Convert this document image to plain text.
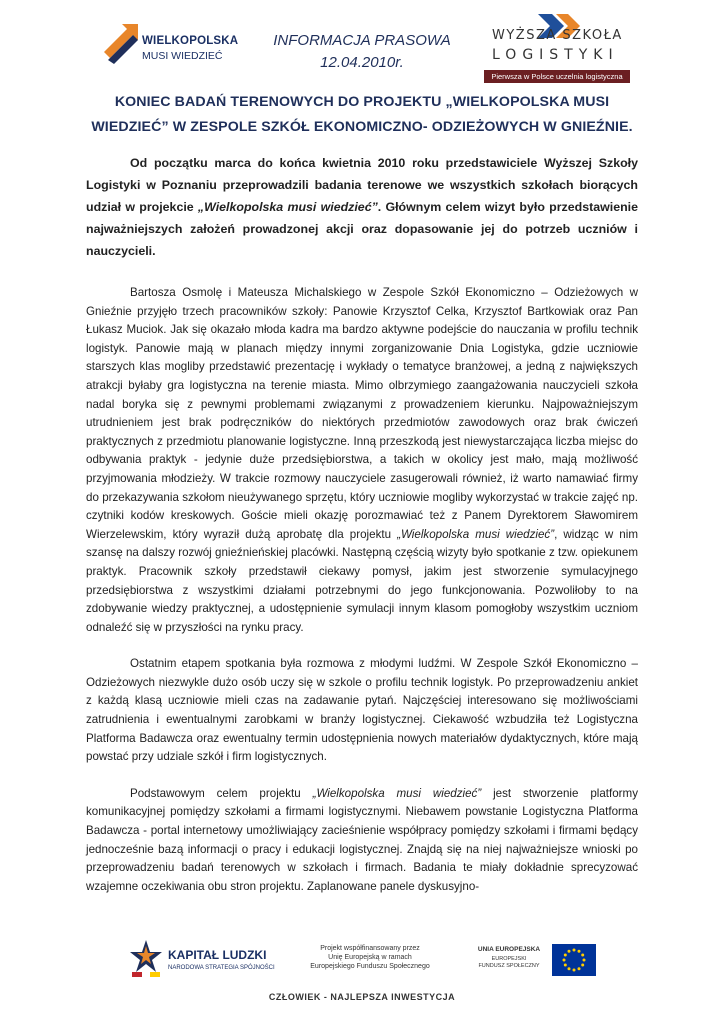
WIELKOPOLSKA
MUSI WIEDZIEĆ
INFORMACJA PRASOWA
12.04.2010r.
WYŻSZA SZKOŁA
LOGISTYKI
Pierwsza w Polsce uczelnia logistyczna
KONIEC BADAŃ TERENOWYCH DO PROJEKTU „WIELKOPOLSKA MUSI WIEDZIEĆ” W ZESPOLE SZKÓŁ EKONOMICZNO- ODZIEŻOWYCH W GNIEŹNIE.

Od początku marca do końca kwietnia 2010 roku przedstawiciele Wyższej Szkoły Logistyki w Poznaniu przeprowadzili badania terenowe we wszystkich szkołach biorących udział w projekcie „Wielkopolska musi wiedzieć”. Głównym celem wizyt było przedstawienie najważniejszych założeń prowadzonej akcji oraz dopasowanie jej do potrzeb uczniów i nauczycieli.

Bartosza Osmolę i Mateusza Michalskiego w Zespole Szkół Ekonomiczno – Odzieżowych w Gnieźnie przyjęło trzech pracowników szkoły: Panowie Krzysztof Celka, Krzysztof Bartkowiak oraz Pan Łukasz Muciok. Jak się okazało młoda kadra ma bardzo aktywne podejście do nauczania w profilu technik logistyk. Panowie mają w planach między innymi zorganizowanie Dnia Logistyka, gdzie uczniowie starszych klas mogliby przedstawić prezentację i wykłady o tematyce branżowej, a jedną z największych atrakcji byłaby gra logistyczna na terenie miasta. Mimo olbrzymiego zaangażowania nauczycieli szkoła nadal boryka się z pewnymi problemami związanymi z prowadzeniem kierunku. Najpoważniejszym utrudnieniem jest brak podręczników do niektórych przedmiotów zawodowych oraz brak ćwiczeń praktycznych z przedmiotu planowanie logistyczne. Inną przeszkodą jest niewystarczająca liczba miejsc do odbywania praktyk - jedynie duże przedsiębiorstwa, a takich w okolicy jest mało, mają możliwość przyjmowania młodzieży. W trakcie rozmowy nauczyciele zasugerowali również, iż warto namawiać firmy do przekazywania szkołom nieużywanego sprzętu, który uczniowie mogliby wykorzystać w trakcie zajęć np. czytniki kodów kreskowych. Goście mieli okazję porozmawiać też z Panem Dyrektorem Sławomirem Wierzelewskim, który wyraził dużą aprobatę dla projektu „Wielkopolska musi wiedzieć”, widząc w nim szansę na dalszy rozwój gnieźnieńskiej placówki. Następną częścią wizyty było spotkanie z tzw. opiekunem praktyk. Pracownik szkoły przedstawił ciekawy pomysł, jakim jest stworzenie symulacyjnego przedsiębiorstwa z wszystkimi działami potrzebnymi do jego funkcjonowania. Pozwoliłoby to na zdobywanie wiedzy praktycznej, a udostępnienie symulacji innym klasom pomogłoby wszystkim uczniom odnaleźć się w przyszłości na rynku pracy.

Ostatnim etapem spotkania była rozmowa z młodymi ludźmi. W Zespole Szkół Ekonomiczno – Odzieżowych niezwykle dużo osób uczy się w szkole o profilu technik logistyk. Po przeprowadzeniu ankiet z każdą klasą uczniowie mieli czas na zadawanie pytań. Najczęściej interesowano się możliwościami zatrudnienia i ewentualnymi zarobkami w branży logistycznej. Ciekawość wzbudziła też Logistyczna Platforma Badawcza oraz ewentualny termin udostępnienia nowych materiałów dydaktycznych, które mają powstać przy udziale szkół i firm logistycznych.

Podstawowym celem projektu „Wielkopolska musi wiedzieć” jest stworzenie platformy komunikacyjnej pomiędzy szkołami a firmami logistycznymi. Niebawem powstanie Logistyczna Platforma Badawcza - portal internetowy umożliwiający zacieśnienie współpracy pomiędzy szkołami i firmami będący jednocześnie bazą informacji o pracy i edukacji logistycznej. Znajdą się na niej najważniejsze wnioski po przeprowadzeniu badań terenowych w szkołach i firmach. Badania te miały dokładnie sprecyzować wzajemne oczekiwania obu stron projektu. Zaplanowane panele dyskusyjno-

KAPITAŁ LUDZKI
NARODOWA STRATEGIA SPÓJNOŚCI
Projekt współfinansowany przez
Unię Europejską w ramach
Europejskiego Funduszu Społecznego
UNIA EUROPEJSKA
EUROPEJSKI
FUNDUSZ SPOŁECZNY
CZŁOWIEK - NAJLEPSZA INWESTYCJA
